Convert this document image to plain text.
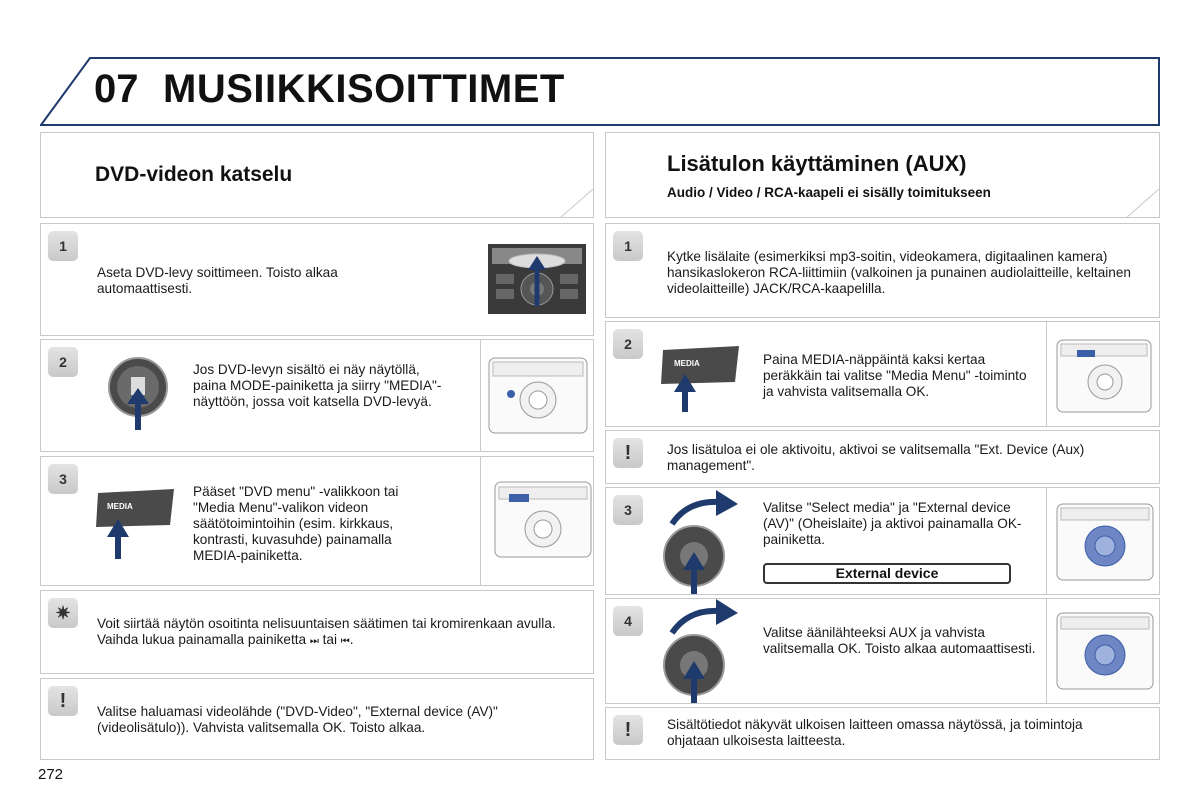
07 MUSIIKKISOITTIMET
DVD-videon katselu	Lisätulon käyttäminen (AUX)
Audio / Video / RCA-kaapeli ei sisälly toimitukseen
1
Aseta DVD-levy soittimeen. Toisto alkaa automaattisesti.
2	Jos DVD-levyn sisältö ei näy näytöllä, paina MODE-painiketta ja siirry "MEDIA"-näyttöön, jossa voit katsella DVD-levyä.
3
MEDIA
Pääset "DVD menu" -valikkoon tai "Media Menu"-valikon videon säätötoimintoihin (esim. kirkkaus, kontrasti, kuvasuhde) painamalla MEDIA-painiketta.
✷
Voit siirtää näytön osoitinta nelisuuntaisen säätimen tai kromirenkaan avulla. Vaihda lukua painamalla painiketta ⏭ tai ⏮.
!	Valitse haluamasi videolähde ("DVD-Video", "External device (AV)" (videolisätulo)). Vahvista valitsemalla OK. Toisto alkaa.
1
Kytke lisälaite (esimerkiksi mp3-soitin, videokamera, digitaalinen kamera) hansikaslokeron RCA-liittimiin (valkoinen ja punainen audiolaitteille, keltainen videolaitteille) JACK/RCA-kaapelilla.
2
MEDIA	Paina MEDIA-näppäintä kaksi kertaa peräkkäin tai valitse "Media Menu" -toiminto ja vahvista valitsemalla OK.
!	Jos lisätuloa ei ole aktivoitu, aktivoi se valitsemalla "Ext. Device (Aux) management".
3	Valitse "Select media" ja "External device (AV)" (Oheislaite) ja aktivoi painamalla OK-painiketta.
External device
4
Valitse äänilähteeksi AUX ja vahvista valitsemalla OK. Toisto alkaa automaattisesti.
!	Sisältötiedot näkyvät ulkoisen laitteen omassa näytössä, ja toimintoja ohjataan ulkoisesta laitteesta.
272
